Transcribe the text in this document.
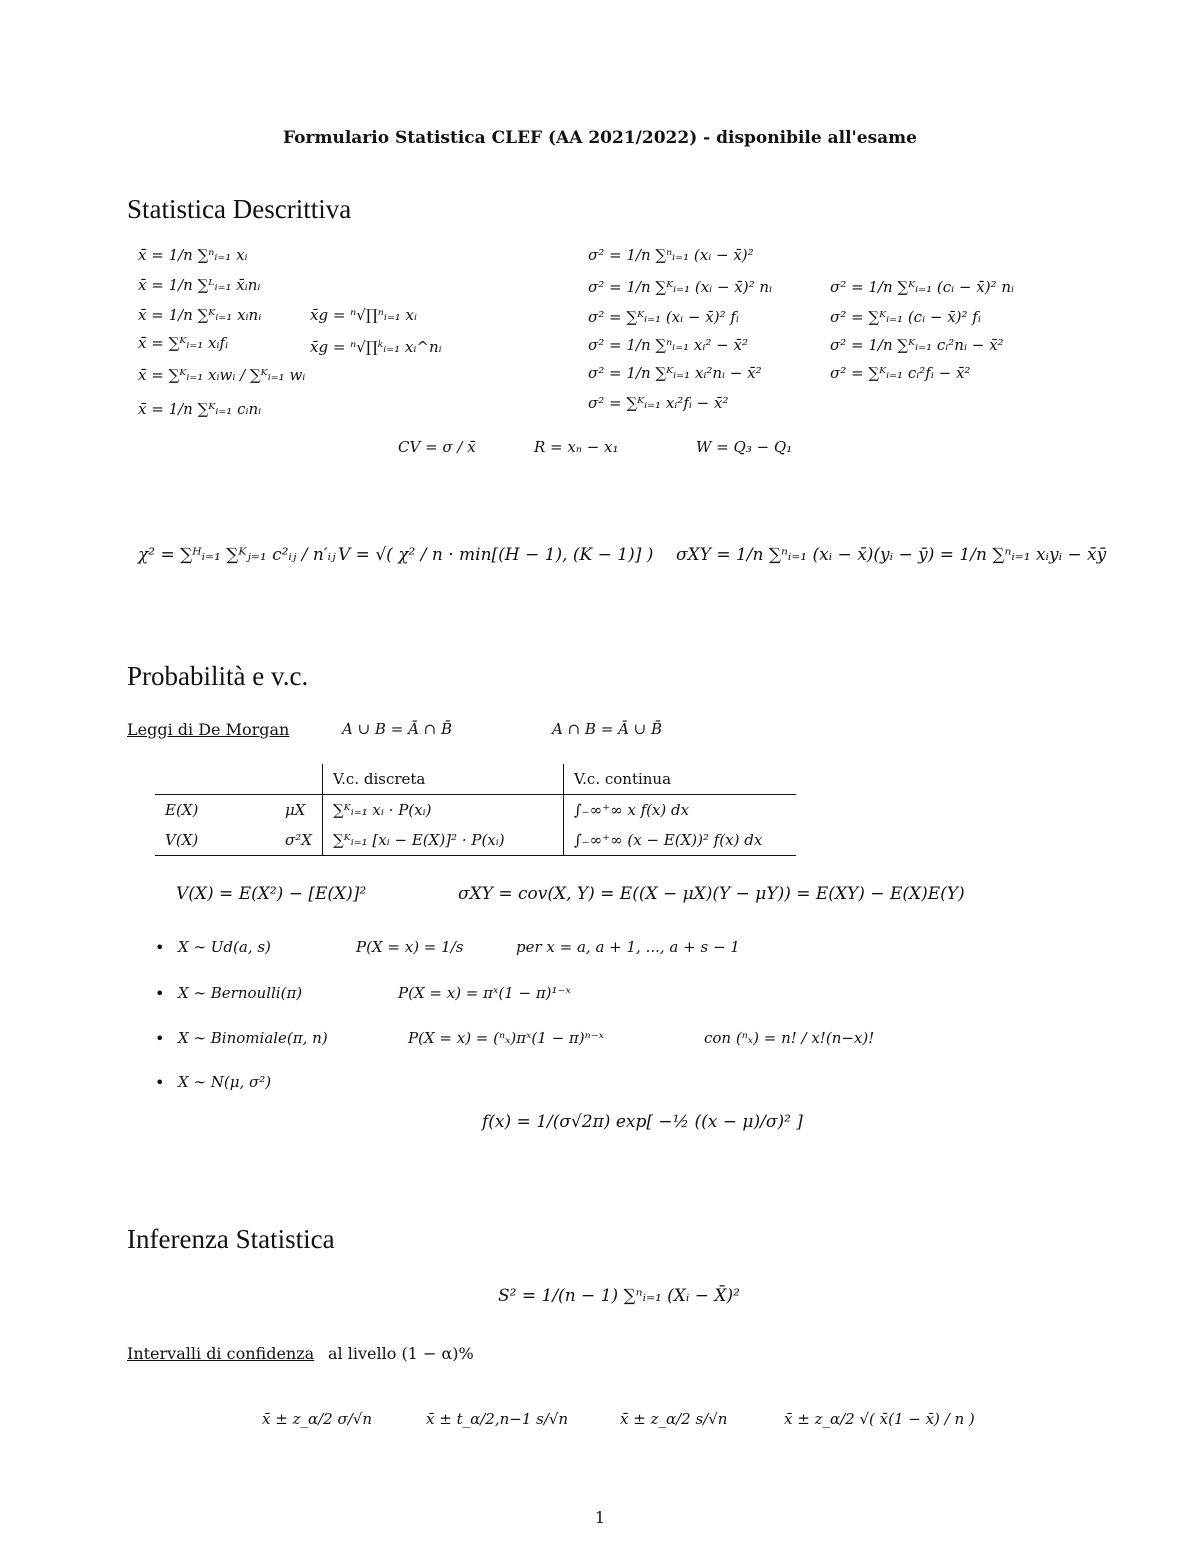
Formulario Statistica CLEF (AA 2021/2022) - disponibile all'esame
Statistica Descrittiva
x̄ = 1/n ∑ⁿᵢ₌₁ xᵢ
x̄ = 1/n ∑ᴸᵢ₌₁ x̄ᵢnᵢ
x̄ = 1/n ∑ᴷᵢ₌₁ xᵢnᵢ
x̄ = ∑ᴷᵢ₌₁ xᵢfᵢ
x̄ = ∑ᴷᵢ₌₁ xᵢwᵢ / ∑ᴷᵢ₌₁ wᵢ
x̄ = 1/n ∑ᴷᵢ₌₁ cᵢnᵢ
x̄g = ⁿ√∏ⁿᵢ₌₁ xᵢ
x̄g = ⁿ√∏ᵏᵢ₌₁ xᵢ^nᵢ
σ² = 1/n ∑ⁿᵢ₌₁ (xᵢ − x̄)²
σ² = 1/n ∑ᴷᵢ₌₁ (xᵢ − x̄)² nᵢ
σ² = ∑ᴷᵢ₌₁ (xᵢ − x̄)² fᵢ
σ² = 1/n ∑ⁿᵢ₌₁ xᵢ² − x̄²
σ² = 1/n ∑ᴷᵢ₌₁ xᵢ²nᵢ − x̄²
σ² = ∑ᴷᵢ₌₁ xᵢ²fᵢ − x̄²
σ² = 1/n ∑ᴷᵢ₌₁ (cᵢ − x̄)² nᵢ
σ² = ∑ᴷᵢ₌₁ (cᵢ − x̄)² fᵢ
σ² = 1/n ∑ᴷᵢ₌₁ cᵢ²nᵢ − x̄²
σ² = ∑ᴷᵢ₌₁ cᵢ²fᵢ − x̄²
CV = σ / x̄	R = xₙ − x₁	W = Q₃ − Q₁
χ² = ∑ᴴᵢ₌₁ ∑ᴷⱼ₌₁ c²ᵢⱼ / n′ᵢⱼ V = √( χ² / n · min[(H − 1), (K − 1)] ) σXY = 1/n ∑ⁿᵢ₌₁ (xᵢ − x̄)(yᵢ − ȳ) = 1/n ∑ⁿᵢ₌₁ xᵢyᵢ − x̄ȳ
Probabilità e v.c.
Leggi di De Morgan	A ∪ B = Ā ∩ B̄	A ∩ B = Ā ∪ B̄
		V.c. discreta	V.c. continua
E(X)	μX	∑ᴷᵢ₌₁ xᵢ · P(xᵢ)	∫₋∞⁺∞ x f(x) dx
V(X)	σ²X	∑ᴷᵢ₌₁ [xᵢ − E(X)]² · P(xᵢ)	∫₋∞⁺∞ (x − E(X))² f(x) dx
V(X) = E(X²) − [E(X)]²	σXY = cov(X, Y) = E((X − μX)(Y − μY)) = E(XY) − E(X)E(Y)
• X ∼ Ud(a, s)	P(X = x) = 1/s	per x = a, a + 1, ..., a + s − 1
• X ∼ Bernoulli(π)	P(X = x) = πˣ(1 − π)¹⁻ˣ
• X ∼ Binomiale(π, n)	P(X = x) = (ⁿₓ)πˣ(1 − π)ⁿ⁻ˣ	con (ⁿₓ) = n! / x!(n−x)!
• X ∼ N(μ, σ²)
f(x) = 1/(σ√2π) exp[ −½ ((x − μ)/σ)² ]
Inferenza Statistica
S² = 1/(n − 1) ∑ⁿᵢ₌₁ (Xᵢ − X̄)²
Intervalli di confidenza al livello (1 − α)%
x̄ ± z_α/2 σ/√n	x̄ ± t_α/2,n−1 s/√n	x̄ ± z_α/2 s/√n	x̄ ± z_α/2 √( x̄(1 − x̄) / n )
1
